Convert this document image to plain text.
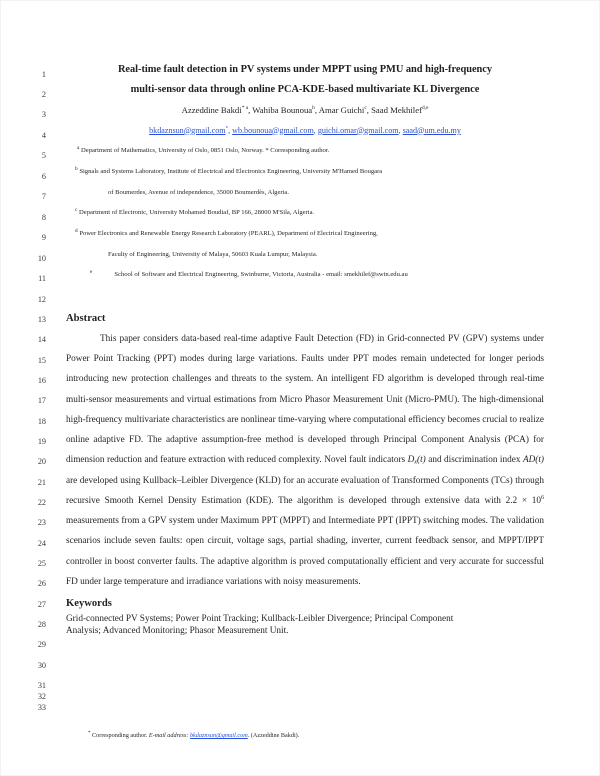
1
2
3
4
5
6
7
8
9
10
11
12
13
14
15
16
17
18
19
20
21
22
23
24
25
26
27
28
29
30
31
32
33
Real-time fault detection in PV systems under MPPT using PMU and high-frequency
multi-sensor data through online PCA-KDE-based multivariate KL Divergence
Azzeddine Bakdi$^{* a}$, Wahiba Bounoua$^b$, Amar Guichi$^c$, Saad Mekhilef$^{d,e}$
bkdaznsun@gmail.com*, wb.bounoua@gmail.com, guichi.omar@gmail.com, saad@um.edu.my
$^a$ Department of Mathematics, University of Oslo, 0851 Oslo, Norway. * Corresponding author.
$^b$ Signals and Systems Laboratory, Institute of Electrical and Electronics Engineering, University M'Hamed Bougara
of Boumerdes, Avenue of independence, 35000 Boumerdès, Algeria.
$^c$ Department of Electronic, University Mohamed Boudiaf, BP 166, 28000 M'Sila, Algeria.
$^d$ Power Electronics and Renewable Energy Research Laboratory (PEARL), Department of Electrical Engineering,
Faculty of Engineering, University of Malaya, 50603 Kuala Lumpur, Malaysia.
$^e$	School of Software and Electrical Engineering, Swinburne, Victoria, Australia - email: smekhilef@swin.edu.au
Abstract
This paper considers data-based real-time adaptive Fault Detection (FD) in Grid-connected PV (GPV) systems under Power Point Tracking (PPT) modes during large variations. Faults under PPT modes remain undetected for longer periods introducing new protection challenges and threats to the system. An intelligent FD algorithm is developed through real-time multi-sensor measurements and virtual estimations from Micro Phasor Measurement Unit (Micro-PMU). The high-dimensional high-frequency multivariate characteristics are nonlinear time-varying where computational efficiency becomes crucial to realize online adaptive FD. The adaptive assumption-free method is developed through Principal Component Analysis (PCA) for dimension reduction and feature extraction with reduced complexity. Novel fault indicators $D_x(t)$ and discrimination index AD(t) are developed using Kullback–Leibler Divergence (KLD) for an accurate evaluation of Transformed Components (TCs) through recursive Smooth Kernel Density Estimation (KDE). The algorithm is developed through extensive data with $2.2 \times 10^6$ measurements from a GPV system under Maximum PPT (MPPT) and Intermediate PPT (IPPT) switching modes. The validation scenarios include seven faults: open circuit, voltage sags, partial shading, inverter, current feedback sensor, and MPPT/IPPT controller in boost converter faults. The adaptive algorithm is proved computationally efficient and very accurate for successful FD under large temperature and irradiance variations with noisy measurements.
Keywords
Grid-connected PV Systems; Power Point Tracking; Kullback-Leibler Divergence; Principal Component
Analysis; Advanced Monitoring; Phasor Measurement Unit.
* Corresponding author. E-mail address: bkdaznsun@gmail.com. (Azzeddine Bakdi).
